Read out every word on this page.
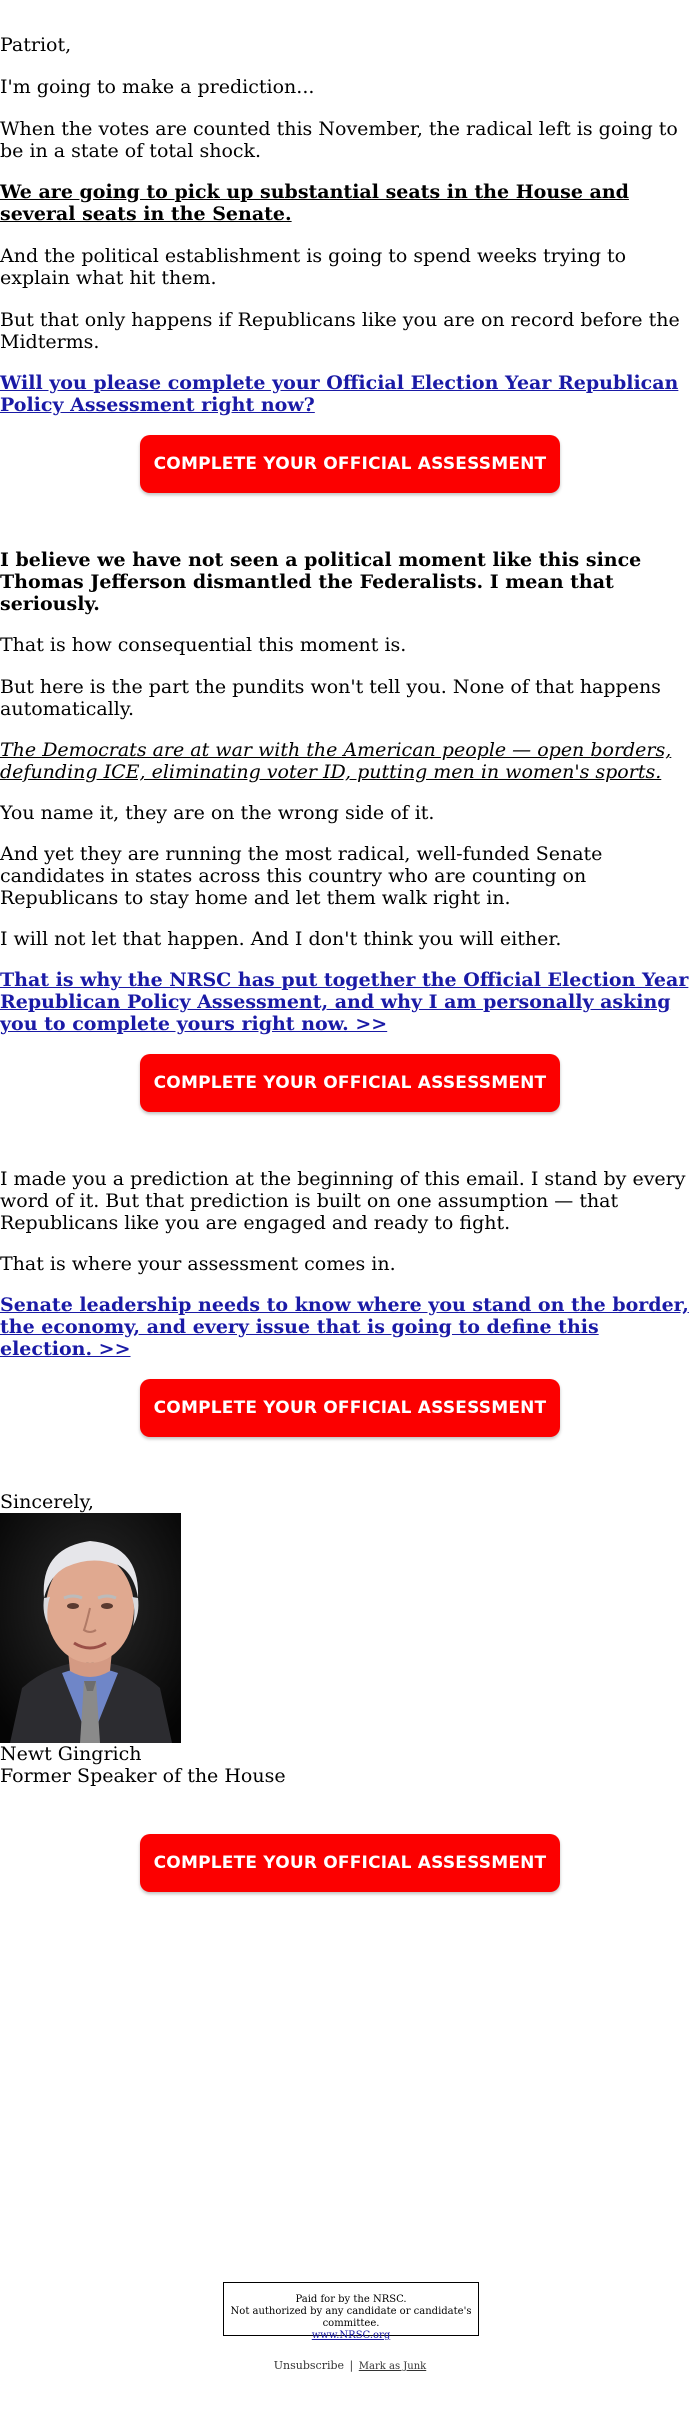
Patriot,

I'm going to make a prediction...

When the votes are counted this November, the radical left is going to be in a state of total shock.

We are going to pick up substantial seats in the House and several seats in the Senate.

And the political establishment is going to spend weeks trying to explain what hit them.

But that only happens if Republicans like you are on record before the Midterms.

Will you please complete your Official Election Year Republican Policy Assessment right now?

COMPLETE YOUR OFFICIAL ASSESSMENT >>

I believe we have not seen a political moment like this since Thomas Jefferson dismantled the Federalists. I mean that seriously.

That is how consequential this moment is.

But here is the part the pundits won't tell you. None of that happens automatically.

The Democrats are at war with the American people — open borders, defunding ICE, eliminating voter ID, putting men in women's sports.

You name it, they are on the wrong side of it.

And yet they are running the most radical, well-funded Senate candidates in states across this country who are counting on Republicans to stay home and let them walk right in.

I will not let that happen. And I don't think you will either.

That is why the NRSC has put together the Official Election Year Republican Policy Assessment, and why I am personally asking you to complete yours right now. >>

COMPLETE YOUR OFFICIAL ASSESSMENT >>

I made you a prediction at the beginning of this email. I stand by every word of it. But that prediction is built on one assumption — that Republicans like you are engaged and ready to fight.

That is where your assessment comes in.

Senate leadership needs to know where you stand on the border, the economy, and every issue that is going to define this election. >>

COMPLETE YOUR OFFICIAL ASSESSMENT >>
Sincerely,
Newt Gingrich
Former Speaker of the House
COMPLETE YOUR OFFICIAL ASSESSMENT >>
Paid for by the NRSC.
Not authorized by any candidate or candidate's committee.
www.NRSC.org
Unsubscribe | Mark as Junk
